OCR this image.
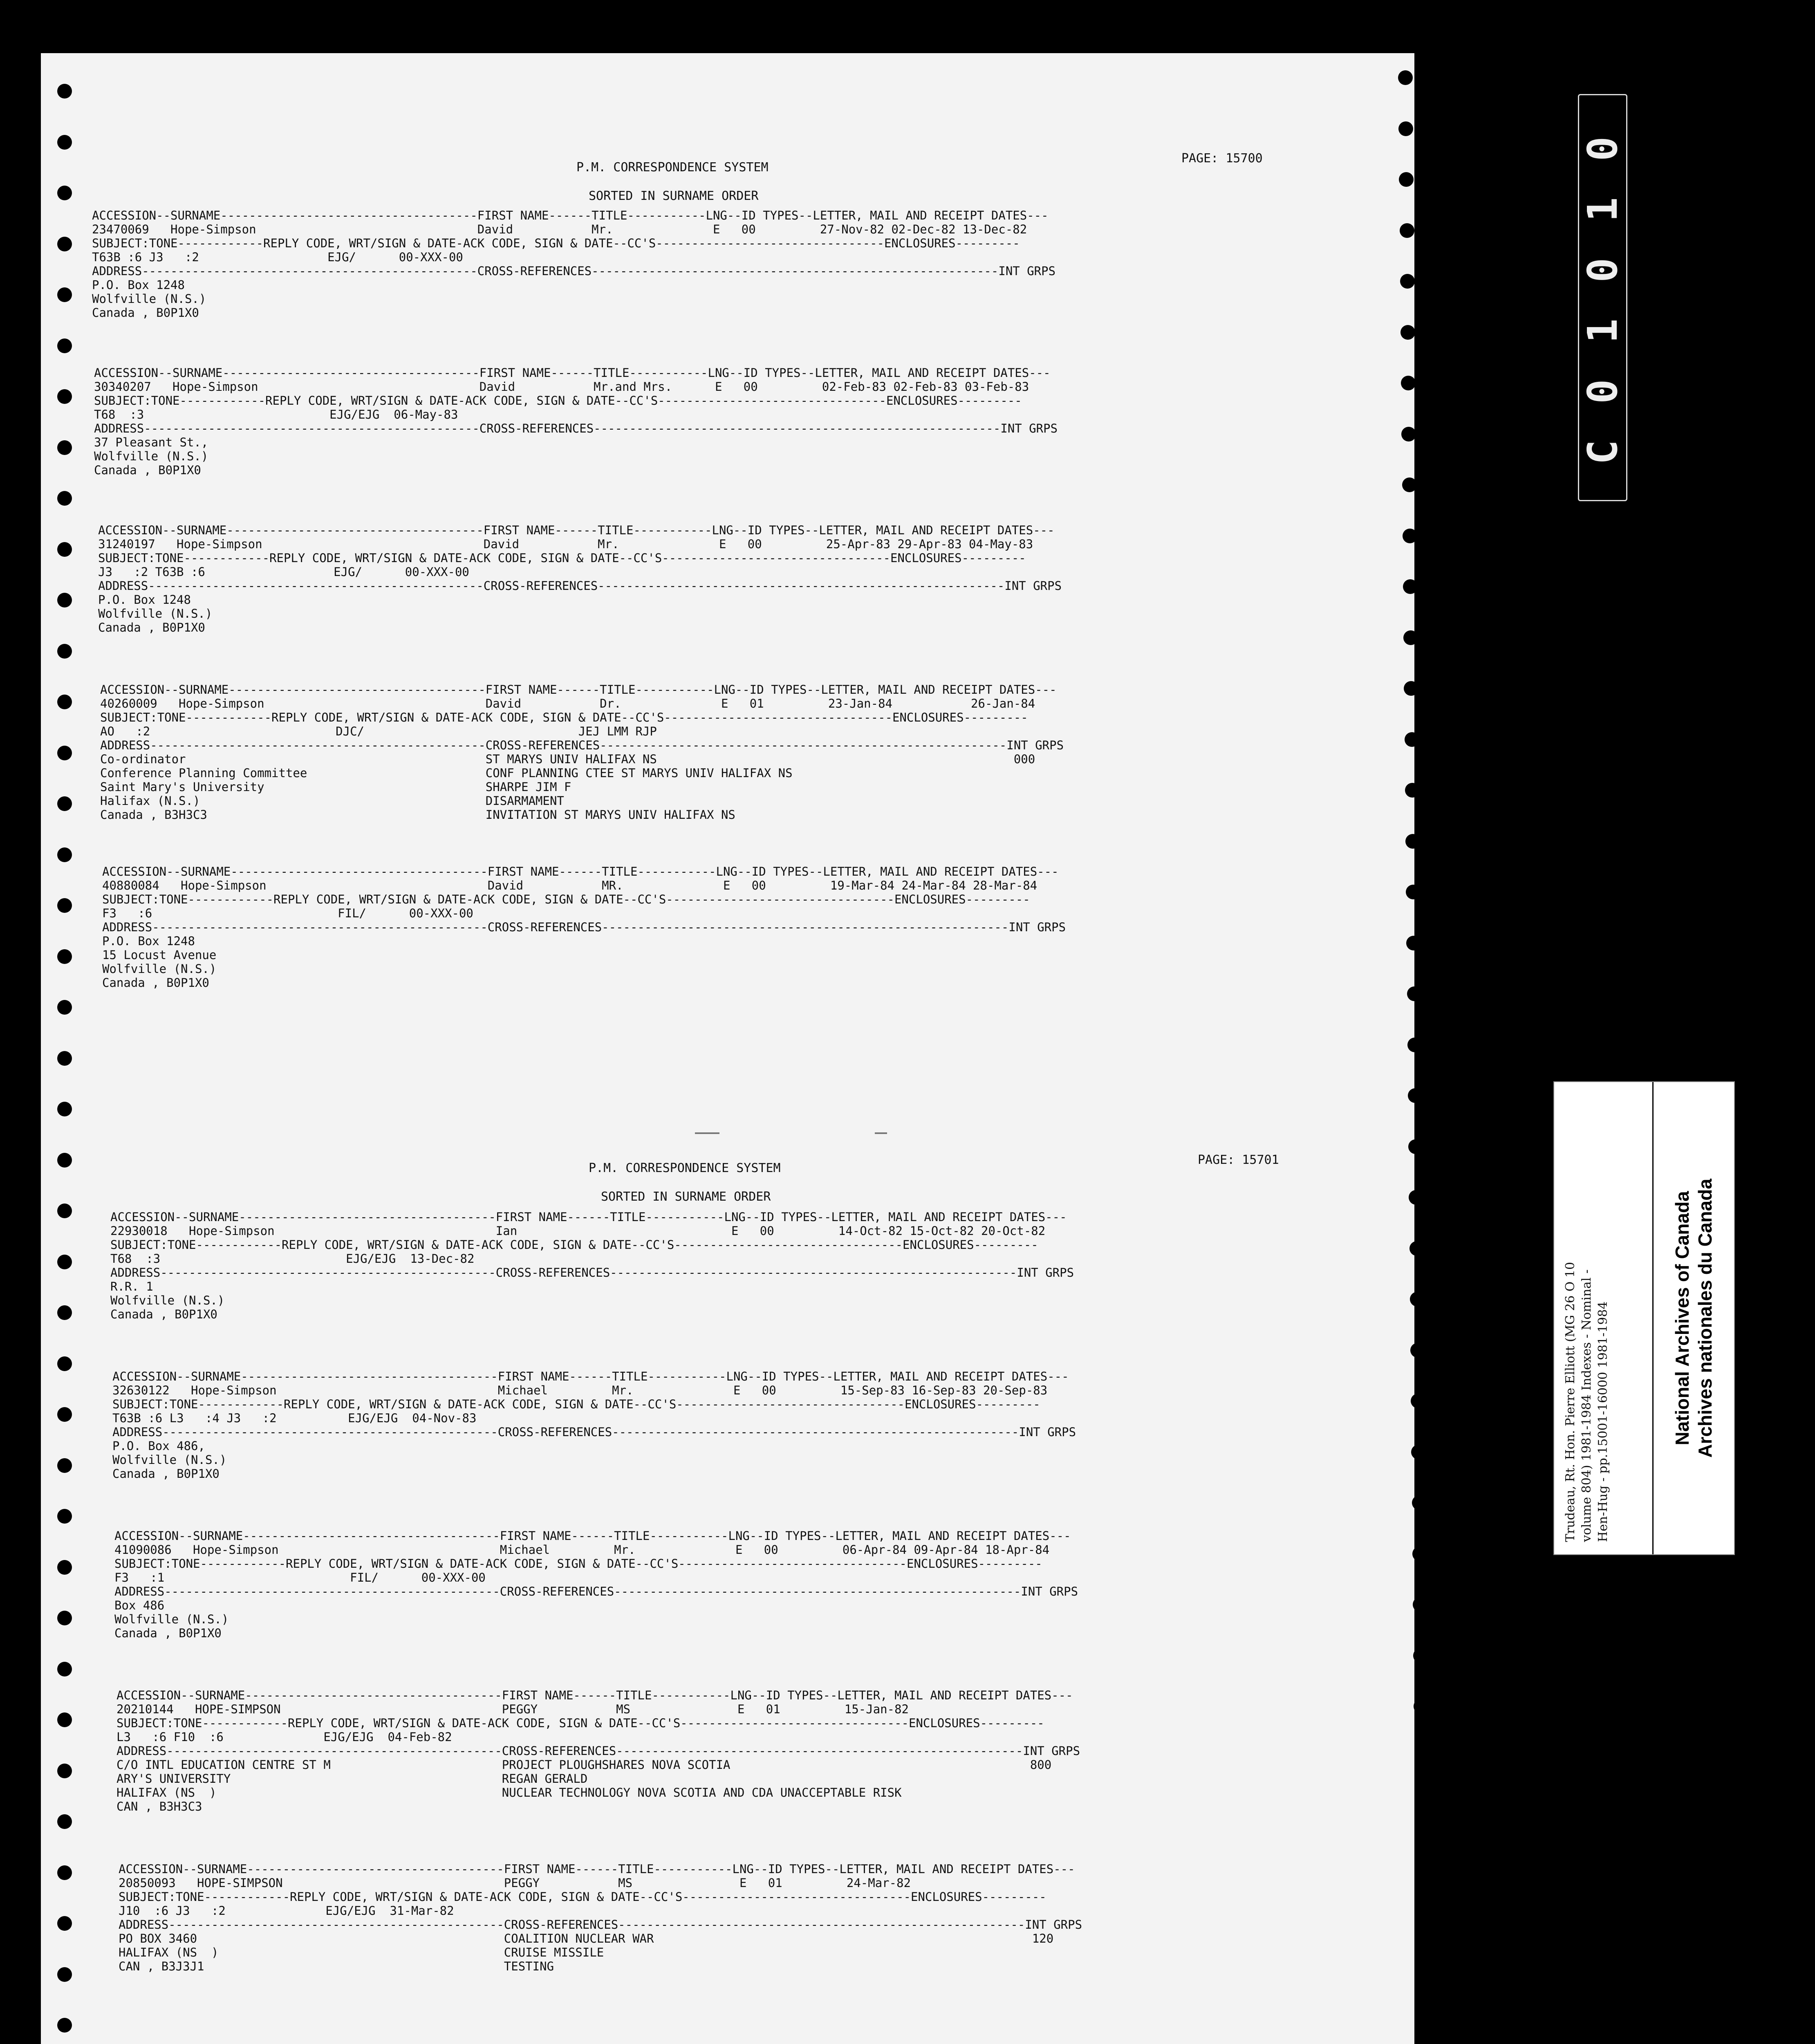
PAGE: 15700
P.M. CORRESPONDENCE SYSTEM
SORTED IN SURNAME ORDER
ACCESSION--SURNAME------------------------------------FIRST NAME------TITLE-----------LNG--ID TYPES--LETTER, MAIL AND RECEIPT DATES---
23470069   Hope-Simpson                               David           Mr.              E   00         27-Nov-82 02-Dec-82 13-Dec-82
SUBJECT:TONE------------REPLY CODE, WRT/SIGN & DATE-ACK CODE, SIGN & DATE--CC'S--------------------------------ENCLOSURES---------
T63B :6 J3   :2                  EJG/      00-XXX-00
ADDRESS-----------------------------------------------CROSS-REFERENCES---------------------------------------------------------INT GRPS
P.O. Box 1248
Wolfville (N.S.)
Canada , B0P1X0
ACCESSION--SURNAME------------------------------------FIRST NAME------TITLE-----------LNG--ID TYPES--LETTER, MAIL AND RECEIPT DATES---
30340207   Hope-Simpson                               David           Mr.and Mrs.      E   00         02-Feb-83 02-Feb-83 03-Feb-83
SUBJECT:TONE------------REPLY CODE, WRT/SIGN & DATE-ACK CODE, SIGN & DATE--CC'S--------------------------------ENCLOSURES---------
T68  :3                          EJG/EJG  06-May-83
ADDRESS-----------------------------------------------CROSS-REFERENCES---------------------------------------------------------INT GRPS
37 Pleasant St.,
Wolfville (N.S.)
Canada , B0P1X0
ACCESSION--SURNAME------------------------------------FIRST NAME------TITLE-----------LNG--ID TYPES--LETTER, MAIL AND RECEIPT DATES---
31240197   Hope-Simpson                               David           Mr.              E   00         25-Apr-83 29-Apr-83 04-May-83
SUBJECT:TONE------------REPLY CODE, WRT/SIGN & DATE-ACK CODE, SIGN & DATE--CC'S--------------------------------ENCLOSURES---------
J3   :2 T63B :6                  EJG/      00-XXX-00
ADDRESS-----------------------------------------------CROSS-REFERENCES---------------------------------------------------------INT GRPS
P.O. Box 1248
Wolfville (N.S.)
Canada , B0P1X0
ACCESSION--SURNAME------------------------------------FIRST NAME------TITLE-----------LNG--ID TYPES--LETTER, MAIL AND RECEIPT DATES---
40260009   Hope-Simpson                               David           Dr.              E   01         23-Jan-84           26-Jan-84
SUBJECT:TONE------------REPLY CODE, WRT/SIGN & DATE-ACK CODE, SIGN & DATE--CC'S--------------------------------ENCLOSURES---------
AO   :2                          DJC/                              JEJ LMM RJP
ADDRESS-----------------------------------------------CROSS-REFERENCES---------------------------------------------------------INT GRPS
Co-ordinator                                          ST MARYS UNIV HALIFAX NS                                                  000
Conference Planning Committee                         CONF PLANNING CTEE ST MARYS UNIV HALIFAX NS
Saint Mary's University                               SHARPE JIM F
Halifax (N.S.)                                        DISARMAMENT
Canada , B3H3C3                                       INVITATION ST MARYS UNIV HALIFAX NS
ACCESSION--SURNAME------------------------------------FIRST NAME------TITLE-----------LNG--ID TYPES--LETTER, MAIL AND RECEIPT DATES---
40880084   Hope-Simpson                               David           MR.              E   00         19-Mar-84 24-Mar-84 28-Mar-84
SUBJECT:TONE------------REPLY CODE, WRT/SIGN & DATE-ACK CODE, SIGN & DATE--CC'S--------------------------------ENCLOSURES---------
F3   :6                          FIL/      00-XXX-00
ADDRESS-----------------------------------------------CROSS-REFERENCES---------------------------------------------------------INT GRPS
P.O. Box 1248
15 Locust Avenue
Wolfville (N.S.)
Canada , B0P1X0
PAGE: 15701
P.M. CORRESPONDENCE SYSTEM
SORTED IN SURNAME ORDER
ACCESSION--SURNAME------------------------------------FIRST NAME------TITLE-----------LNG--ID TYPES--LETTER, MAIL AND RECEIPT DATES---
22930018   Hope-Simpson                               Ian                              E   00         14-Oct-82 15-Oct-82 20-Oct-82
SUBJECT:TONE------------REPLY CODE, WRT/SIGN & DATE-ACK CODE, SIGN & DATE--CC'S--------------------------------ENCLOSURES---------
T68  :3                          EJG/EJG  13-Dec-82
ADDRESS-----------------------------------------------CROSS-REFERENCES---------------------------------------------------------INT GRPS
R.R. 1
Wolfville (N.S.)
Canada , B0P1X0
ACCESSION--SURNAME------------------------------------FIRST NAME------TITLE-----------LNG--ID TYPES--LETTER, MAIL AND RECEIPT DATES---
32630122   Hope-Simpson                               Michael         Mr.              E   00         15-Sep-83 16-Sep-83 20-Sep-83
SUBJECT:TONE------------REPLY CODE, WRT/SIGN & DATE-ACK CODE, SIGN & DATE--CC'S--------------------------------ENCLOSURES---------
T63B :6 L3   :4 J3   :2          EJG/EJG  04-Nov-83
ADDRESS-----------------------------------------------CROSS-REFERENCES---------------------------------------------------------INT GRPS
P.O. Box 486,
Wolfville (N.S.)
Canada , B0P1X0
ACCESSION--SURNAME------------------------------------FIRST NAME------TITLE-----------LNG--ID TYPES--LETTER, MAIL AND RECEIPT DATES---
41090086   Hope-Simpson                               Michael         Mr.              E   00         06-Apr-84 09-Apr-84 18-Apr-84
SUBJECT:TONE------------REPLY CODE, WRT/SIGN & DATE-ACK CODE, SIGN & DATE--CC'S--------------------------------ENCLOSURES---------
F3   :1                          FIL/      00-XXX-00
ADDRESS-----------------------------------------------CROSS-REFERENCES---------------------------------------------------------INT GRPS
Box 486
Wolfville (N.S.)
Canada , B0P1X0
ACCESSION--SURNAME------------------------------------FIRST NAME------TITLE-----------LNG--ID TYPES--LETTER, MAIL AND RECEIPT DATES---
20210144   HOPE-SIMPSON                               PEGGY           MS               E   01         15-Jan-82
SUBJECT:TONE------------REPLY CODE, WRT/SIGN & DATE-ACK CODE, SIGN & DATE--CC'S--------------------------------ENCLOSURES---------
L3   :6 F10  :6              EJG/EJG  04-Feb-82
ADDRESS-----------------------------------------------CROSS-REFERENCES---------------------------------------------------------INT GRPS
C/O INTL EDUCATION CENTRE ST M                        PROJECT PLOUGHSHARES NOVA SCOTIA                                          800
ARY'S UNIVERSITY                                      REGAN GERALD
HALIFAX (NS  )                                        NUCLEAR TECHNOLOGY NOVA SCOTIA AND CDA UNACCEPTABLE RISK
CAN , B3H3C3
ACCESSION--SURNAME------------------------------------FIRST NAME------TITLE-----------LNG--ID TYPES--LETTER, MAIL AND RECEIPT DATES---
20850093   HOPE-SIMPSON                               PEGGY           MS               E   01         24-Mar-82
SUBJECT:TONE------------REPLY CODE, WRT/SIGN & DATE-ACK CODE, SIGN & DATE--CC'S--------------------------------ENCLOSURES---------
J10  :6 J3   :2              EJG/EJG  31-Mar-82
ADDRESS-----------------------------------------------CROSS-REFERENCES---------------------------------------------------------INT GRPS
PO BOX 3460                                           COALITION NUCLEAR WAR                                                     120
HALIFAX (NS  )                                        CRUISE MISSILE
CAN , B3J3J1                                          TESTING
C 0 1 0 1 0
Trudeau, Rt. Hon. Pierre Elliott (MG 26 O 10 volume 804) 1981-1984 Indexes - Nominal - Hen-Hug - pp.15001-16000 1981-1984	National Archives of Canada Archives nationales du Canada
